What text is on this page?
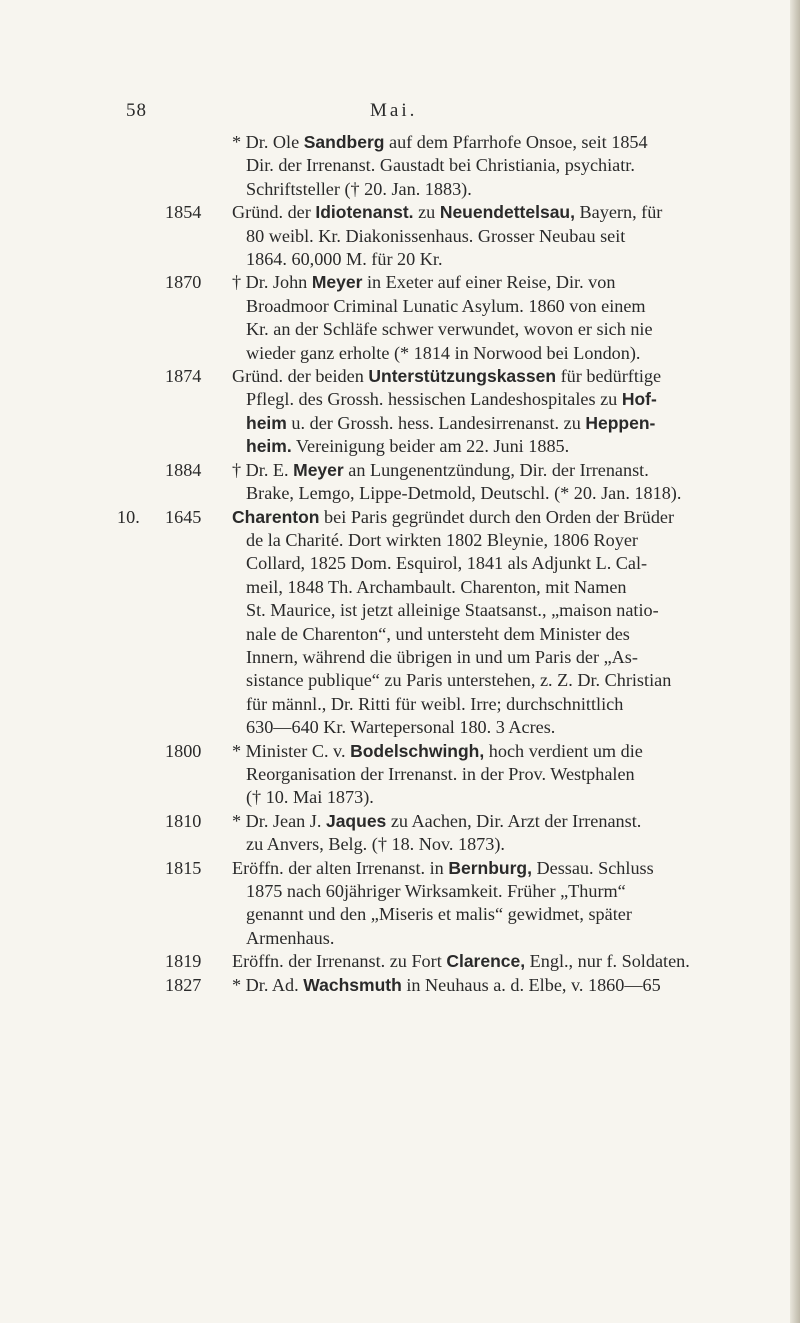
58	Mai.
* Dr. Ole Sandberg auf dem Pfarrhofe Onsoe, seit 1854
Dir. der Irrenanst. Gaustadt bei Christiania, psychiatr.
Schriftsteller († 20. Jan. 1883).
1854	Gründ. der Idiotenanst. zu Neuendettelsau, Bayern, für
80 weibl. Kr. Diakonissenhaus. Grosser Neubau seit
1864. 60,000 M. für 20 Kr.
1870	† Dr. John Meyer in Exeter auf einer Reise, Dir. von
Broadmoor Criminal Lunatic Asylum. 1860 von einem
Kr. an der Schläfe schwer verwundet, wovon er sich nie
wieder ganz erholte (* 1814 in Norwood bei London).
1874	Gründ. der beiden Unterstützungskassen für bedürftige
Pflegl. des Grossh. hessischen Landeshospitales zu Hof-
heim u. der Grossh. hess. Landesirrenanst. zu Heppen-
heim. Vereinigung beider am 22. Juni 1885.
1884	† Dr. E. Meyer an Lungenentzündung, Dir. der Irrenanst.
Brake, Lemgo, Lippe-Detmold, Deutschl. (* 20. Jan. 1818).
10. 1645	Charenton bei Paris gegründet durch den Orden der Brüder
de la Charité. Dort wirkten 1802 Bleynie, 1806 Royer
Collard, 1825 Dom. Esquirol, 1841 als Adjunkt L. Cal-
meil, 1848 Th. Archambault. Charenton, mit Namen
St. Maurice, ist jetzt alleinige Staatsanst., „maison natio-
nale de Charenton“, und untersteht dem Minister des
Innern, während die übrigen in und um Paris der „As-
sistance publique“ zu Paris unterstehen, z. Z. Dr. Christian
für männl., Dr. Ritti für weibl. Irre; durchschnittlich
630—640 Kr. Wartepersonal 180. 3 Acres.
1800	* Minister C. v. Bodelschwingh, hoch verdient um die
Reorganisation der Irrenanst. in der Prov. Westphalen
(† 10. Mai 1873).
1810	* Dr. Jean J. Jaques zu Aachen, Dir. Arzt der Irrenanst.
zu Anvers, Belg. († 18. Nov. 1873).
1815	Eröffn. der alten Irrenanst. in Bernburg, Dessau. Schluss
1875 nach 60jähriger Wirksamkeit. Früher „Thurm“
genannt und den „Miseris et malis“ gewidmet, später
Armenhaus.
1819	Eröffn. der Irrenanst. zu Fort Clarence, Engl., nur f. Soldaten.
1827	* Dr. Ad. Wachsmuth in Neuhaus a. d. Elbe, v. 1860—65
